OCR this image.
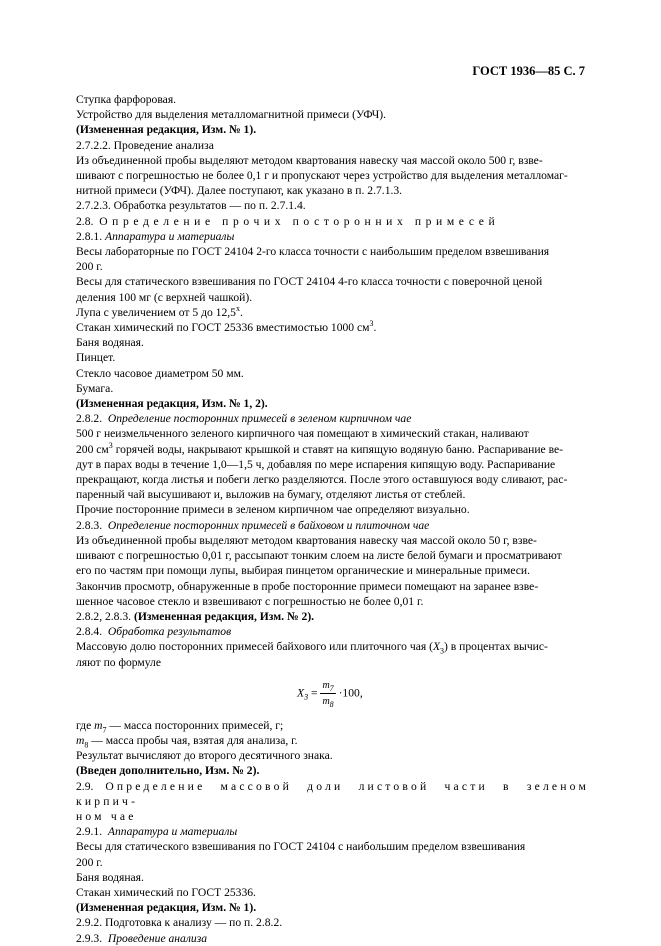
ГОСТ 1936—85 С. 7

Ступка фарфоровая.

Устройство для выделения металломагнитной примеси (УФЧ).

(Измененная редакция, Изм. № 1).

2.7.2.2. Проведение анализа

Из объединенной пробы выделяют методом квартования навеску чая массой около 500 г, взве-

шивают с погрешностью не более 0,1 г и пропускают через устройство для выделения металломаг-

нитной примеси (УФЧ). Далее поступают, как указано в п. 2.7.1.3.

2.7.2.3. Обработка результатов — по п. 2.7.1.4.

2.8. Определение прочих посторонних примесей

2.8.1. Аппаратура и материалы

Весы лабораторные по ГОСТ 24104 2-го класса точности с наибольшим пределом взвешивания

200 г.

Весы для статического взвешивания по ГОСТ 24104 4-го класса точности с поверочной ценой

деления 100 мг (с верхней чашкой).

Лупа с увеличением от 5 до 12,5$^x$.

Стакан химический по ГОСТ 25336 вместимостью 1000 $см^3$.

Баня водяная.

Пинцет.

Стекло часовое диаметром 50 мм.

Бумага.

(Измененная редакция, Изм. № 1, 2).

2.8.2. Определение посторонних примесей в зеленом кирпичном чае

500 г неизмельченного зеленого кирпичного чая помещают в химический стакан, наливают

200 $см^3$ горячей воды, накрывают крышкой и ставят на кипящую водяную баню. Распаривание ве-

дут в парах воды в течение 1,0—1,5 ч, добавляя по мере испарения кипящую воду. Распаривание

прекращают, когда листья и побеги легко разделяются. После этого оставшуюся воду сливают, рас-

паренный чай высушивают и, выложив на бумагу, отделяют листья от стеблей.

Прочие посторонние примеси в зеленом кирпичном чае определяют визуально.

2.8.3. Определение посторонних примесей в байховом и плиточном чае

Из объединенной пробы выделяют методом квартования навеску чая массой около 50 г, взве-

шивают с погрешностью 0,01 г, рассыпают тонким слоем на листе белой бумаги и просматривают

его по частям при помощи лупы, выбирая пинцетом органические и минеральные примеси.

Закончив просмотр, обнаруженные в пробе посторонние примеси помещают на заранее взве-

шенное часовое стекло и взвешивают с погрешностью не более 0,01 г.

2.8.2, 2.8.3. (Измененная редакция, Изм. № 2).

2.8.4. Обработка результатов

Массовую долю посторонних примесей байхового или плиточного чая $(X_3)$ в процентах вычис-

ляют по формуле

$X_3 = \frac{m_7}{m_8} \cdot 100$,

где $m_7$ — масса посторонних примесей, г;

$m_8$ — масса пробы чая, взятая для анализа, г.

Результат вычисляют до второго десятичного знака.

(Введен дополнительно, Изм. № 2).

2.9. Определение массовой доли листовой части в зеленом кирпич-

ном чае

2.9.1. Аппаратура и материалы

Весы для статического взвешивания по ГОСТ 24104 с наибольшим пределом взвешивания

200 г.

Баня водяная.

Стакан химический по ГОСТ 25336.

(Измененная редакция, Изм. № 1).

2.9.2. Подготовка к анализу — по п. 2.8.2.

2.9.3. Проведение анализа
